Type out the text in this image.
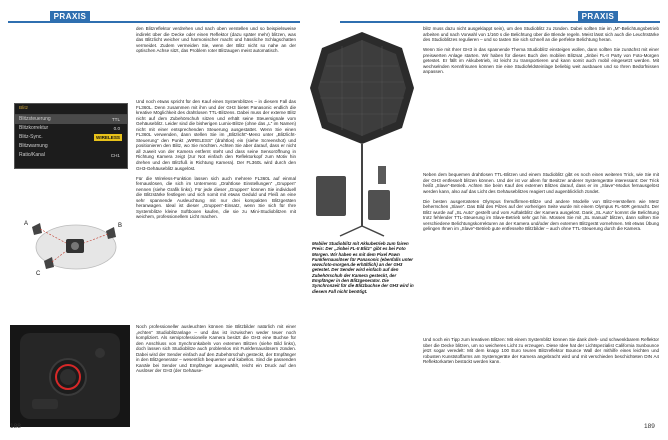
PRAXIS	PRAXIS

den Blitzreflektor verdrehen und nach oben verstellen und so beispielsweise indirekt über die Decke oder einen Reflektor (dazu später mehr) blitzen, was das Blitzlicht weicher und harmonischer macht und hässliche Schlagschatten vermeidet. Zudem vermeiden Sie, wenn der Blitz nicht so nahe an der optischen Achse sitzt, das Problem roter Blitzaugen meist automatisch.

Blitz
Blitzsteuerung	TTL
Blitzkorrektur	0.0
Blitz-Sync.	WIRELESS
Blitzwarnung
Ratio/Kanal	CH1
A	B
C

Und noch etwas spricht für den Kauf eines Systemblitzes – in diesem Fall das FL360L. Denn zusammen mit ihm und der GH3 bietet Panasonic endlich die kreative Möglichkeit des drahtlosen TTL-Blitzens. Dabei muss der externe Blitz nicht auf dem Zubehörschuh sitzen und erhält seine Steuersignale vom Gehäuseblitz. Leider sind die bisherigen Lumix-Blitze (ohne das „L“ im Namen) nicht mit einer entsprechenden Steuerung ausgestattet. Wenn Sie einen FL360L verwenden, dann stellen Sie im „Blitzlicht“-Menü unter „Blitzlicht-Steuerung“ den Punkt „WIRELESS“ (drahtlos) ein (siehe Screenshot) und positionieren den Blitz, wo Sie möchten. Achten Sie aber darauf, dass er nicht all zuweit von der Kamera entfernt steht und dass seine Sensoröffnung in Richtung Kamera zeigt (zur Not einfach den Reflektorkopf zum Motiv hin drehen und den Blitzfuß in Richtung Kamera). Der FL360L wird durch den GH3-Gehäuseblitz ausgelöst.

Für die Wireless-Funktion lassen sich auch mehrere FL360L auf einmal fernauslösen, die sich im Untermenü „Drahtlose Einstellungen“ „Gruppen“ nennen (siehe Grafik links). Für jede dieser „Gruppen“ können Sie individuell die Blitzstärke festlegen und sich somit mit etwas Geduld und Fleiß an eine sehr spannende Ausleuchtung mit nur drei kompakten Blitzgeräten heranwagen. Ideal ist dieser „Gruppen“-Einsatz, wenn Sie sich für Ihre Systemblitze kleine Softboxen kaufen, die sie zu Mini-Studioblitzen mit weichem, professionellem Licht machen.

Noch professioneller ausleuchten können Sie Blitzbilder natürlich mit einer „echten“ Studioblitzanlage – und das ist inzwischen weder teuer noch kompliziert. Als semiprofessionelle Kamera besitzt die GH3 eine Buchse für den Anschluss von Synchronkabeln von externen Blitzen (siehe Bild links), doch lassen sich Studioblitze auch problemlos mit Funkfernauslösern zünden. Dabei wird der Sender einfach auf den Zubehörschuh gesteckt, der Empfänger in den Blitzgenerator – wesentlich bequemer und kabellos. Sind die passenden Kanäle bei Sender und Empfänger ausgewählt, reicht ein Druck auf den Auslöser der GH3 (der Gehäuse-

Mobiler Studioblitz mit Akkubetrieb zum fairen Preis: Der „Jinbei FL-II Blitz“ gibt es bei Foto Morgen. Wir haben es mit dem Pixel Pawn Funkfernauslöser für Panasonic (ebenfalls unter www.foto-morgen.de erhältlich) an der GH3 getestet. Der Sender wird einfach auf den Zubehörschuh der Kamera gesteckt, der Empfänger in den Blitzgenerator. Die Synchronzeit für die Blitzbuchse der GH3 wird in diesem Fall nicht benötigt.

blitz muss dazu nicht ausgeklappt sein), um den Studioblitz zu zünden. Dabei sollten Sie im „M“-Belichtungsbetrieb arbeiten und nach Vorwahl von 1/160 s die Belichtung über die Blende regeln. Meist lässt sich auch die Leuchtstärke des Studioblitzes regulieren – und so tasten Sie sich schnell an die perfekte Belichtung heran.

Wenn Sie mit Ihrer GH3 in das spannende Thema Studioblitz einsteigen wollen, dann sollten Sie zunächst mit einer preiswerten Anlage starten. Wir haben für dieses Buch den mobilen Blitzsat „Jinbei FL-II Party von Foto-Morgen getestet. Er fällt im Akkubetrieb, ist leicht zu transportieren und kann somit auch mobil eingesetzt werden. Mit wechselnden Kennfrisuren können Sie eine Studiofeldsteinlage beliebig weit ausbauen und so Ihren Bedürfnissen anpassen.

Neben dem bequemen drahtlosen TTL-Blitzen und einem Studioblitz gibt es noch einen weiteren Trick, wie Sie mit der GH3 entfesselt blitzen können. Und der ist vor allem für Besitzer anderer Systemgeräte interessant: Der Trick heißt „Slave“-Betrieb. Achten Sie beim Kauf des externen Blitzes darauf, dass er im „Slave“-Modus fernausgelöst werden kann, also auf das Licht des Gehäuseblitzes reagiert und augenblicklich zündet.

Die besten ausgerüsteten Olympus fremdfirmen-Blitze und andere Modelle von Blitz-Herstellern wie Metz beherrschen „Slave“. Das Bild des Pilzes auf der vorherigen Seite wurde mit einem Olympus FL-50R gemacht. Der Blitz wurde auf „SL Auto“ gestellt und vom Auftaktblitz der Kamera ausgelöst. Dank „SL Auto“ kommt die Belichtung trotz fehlender TTL-Steuerung im Slave-Betrieb sehr gut hin. Müssen Sie mit „SL manual“ blitzen, dann sollten Sie verschiedene Belichtungskorrekturen an der Kamera und/oder dem externen Blitzgerät vornehmen. Mit etwas Übung gelingen Ihnen im „Slave“-Betrieb gute entfesselte Blitzbilder – auch ohne TTL-Steuerung durch die Kamera.

Und noch ein Tipp zum kreativen Blitzen: Mit einem Systemblitz können Sie dank dreh- und schwenkbarem Reflektor über die Decke blitzen, um so weicheres Licht zu erzeugen. Diese Idee hat der Lichtspezialist California Sunbounce jetzt sogar veredelt: Mit dem knapp 100 Euro teuren Blitzreflektor Bounce Wall der mithilfe eines leichten und robusten Kunststoffarms am Systemgeräte der Kamera angebracht wird und mit verschieden beschichteten DIN A4 Reflektorkarten bestückt werden kann.

188	189
